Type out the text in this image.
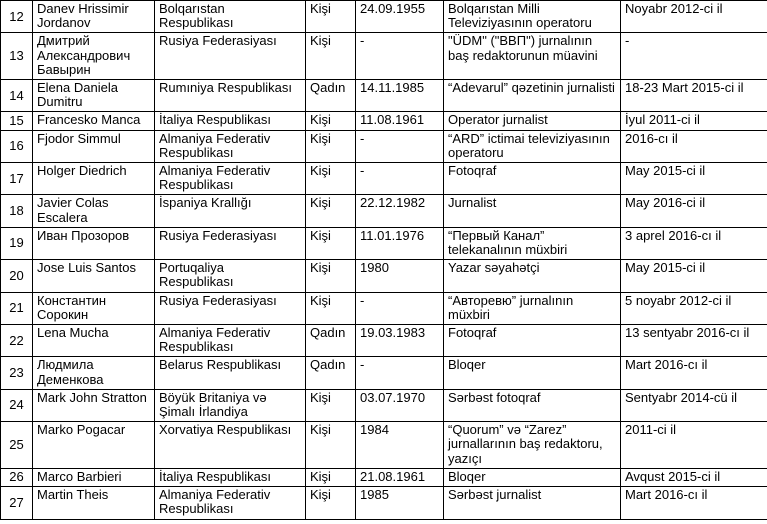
12	Danev Hrissimir Jordanov	Bolqarıstan Respublikası	Kişi	24.09.1955	Bolqarıstan Milli Televiziyasının operatoru	Noyabr 2012-ci il
13	Дмитрий Александрович Бавырин	Rusiya Federasiyası	Kişi	-	"ÜDM" ("ВВП") jurnalının baş redaktorunun müavini	-
14	Elena Daniela Dumitru	Rumıniya Respublikası	Qadın	14.11.1985	“Adevarul” qəzetinin jurnalisti	18-23 Mart 2015-ci il
15	Francesko Manca	İtaliya Respublikası	Kişi	11.08.1961	Operator jurnalist	İyul 2011-ci il
16	Fjodor Simmul	Almaniya Federativ Respublikası	Kişi	-	“ARD” ictimai televiziyasının operatoru	2016-cı il
17	Holger Diedrich	Almaniya Federativ Respublikası	Kişi	-	Fotoqraf	May 2015-ci il
18	Javier Colas Escalera	İspaniya Krallığı	Kişi	22.12.1982	Jurnalist	May 2016-ci il
19	Иван Прозоров	Rusiya Federasiyası	Kişi	11.01.1976	“Первый Канал” telekanalının müxbiri	3 aprel 2016-cı il
20	Jose Luis Santos	Portuqaliya Respublikası	Kişi	1980	Yazar səyahətçi	May 2015-ci il
21	Константин Сорокин	Rusiya Federasiyası	Kişi	-	“Авторевю” jurnalının müxbiri	5 noyabr 2012-ci il
22	Lena Mucha	Almaniya Federativ Respublikası	Qadın	19.03.1983	Fotoqraf	13 sentyabr 2016-cı il
23	Людмила Деменкова	Belarus Respublikası	Qadın	-	Bloqer	Mart 2016-cı il
24	Mark John Stratton	Böyük Britaniya və Şimalı İrlandiya	Kişi	03.07.1970	Sərbəst fotoqraf	Sentyabr 2014-cü il
25	Marko Pogacar	Xorvatiya Respublikası	Kişi	1984	“Quorum” və “Zarez” jurnallarının baş redaktoru, yazıçı	2011-ci il
26	Marco Barbieri	İtaliya Respublikası	Kişi	21.08.1961	Bloqer	Avqust 2015-ci il
27	Martin Theis	Almaniya Federativ Respublikası	Kişi	1985	Sərbəst jurnalist	Mart 2016-cı il
